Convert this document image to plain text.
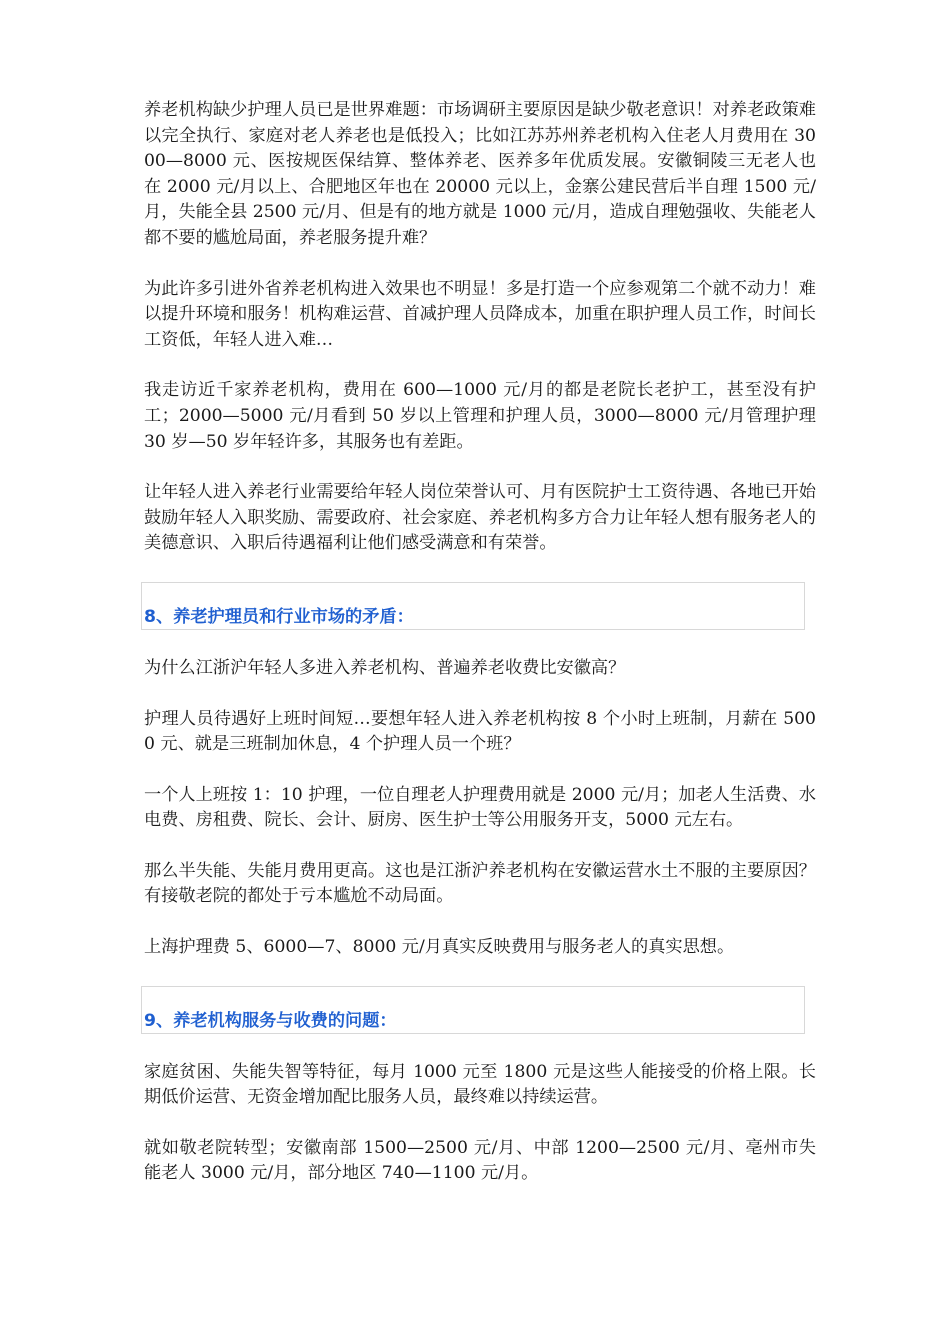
养老机构缺少护理人员已是世界难题：市场调研主要原因是缺少敬老意识！对养老政策难以完全执行、家庭对老人养老也是低投入；比如江苏苏州养老机构入住老人月费用在 3000—8000 元、医按规医保结算、整体养老、医养多年优质发展。安徽铜陵三无老人也在 2000 元/月以上、合肥地区年也在 20000 元以上，金寨公建民营后半自理 1500 元/月，失能全县 2500 元/月、但是有的地方就是 1000 元/月，造成自理勉强收、失能老人都不要的尴尬局面，养老服务提升难？

为此许多引进外省养老机构进入效果也不明显！多是打造一个应参观第二个就不动力！难以提升环境和服务！机构难运营、首减护理人员降成本，加重在职护理人员工作，时间长工资低，年轻人进入难…

我走访近千家养老机构，费用在 600—1000 元/月的都是老院长老护工，甚至没有护工；2000—5000 元/月看到 50 岁以上管理和护理人员，3000—8000 元/月管理护理 30 岁—50 岁年轻许多，其服务也有差距。

让年轻人进入养老行业需要给年轻人岗位荣誉认可、月有医院护士工资待遇、各地已开始鼓励年轻人入职奖励、需要政府、社会家庭、养老机构多方合力让年轻人想有服务老人的美德意识、入职后待遇福利让他们感受满意和有荣誉。

8、养老护理员和行业市场的矛盾：

为什么江浙沪年轻人多进入养老机构、普遍养老收费比安徽高？

护理人员待遇好上班时间短…要想年轻人进入养老机构按 8 个小时上班制，月薪在 5000 元、就是三班制加休息，4 个护理人员一个班？

一个人上班按 1：10 护理，一位自理老人护理费用就是 2000 元/月；加老人生活费、水电费、房租费、院长、会计、厨房、医生护士等公用服务开支，5000 元左右。

那么半失能、失能月费用更高。这也是江浙沪养老机构在安徽运营水土不服的主要原因？有接敬老院的都处于亏本尴尬不动局面。

上海护理费 5、6000—7、8000 元/月真实反映费用与服务老人的真实思想。

9、养老机构服务与收费的问题：

家庭贫困、失能失智等特征，每月 1000 元至 1800 元是这些人能接受的价格上限。长期低价运营、无资金增加配比服务人员，最终难以持续运营。

就如敬老院转型；安徽南部 1500—2500 元/月、中部 1200—2500 元/月、亳州市失能老人 3000 元/月，部分地区 740—1100 元/月。
